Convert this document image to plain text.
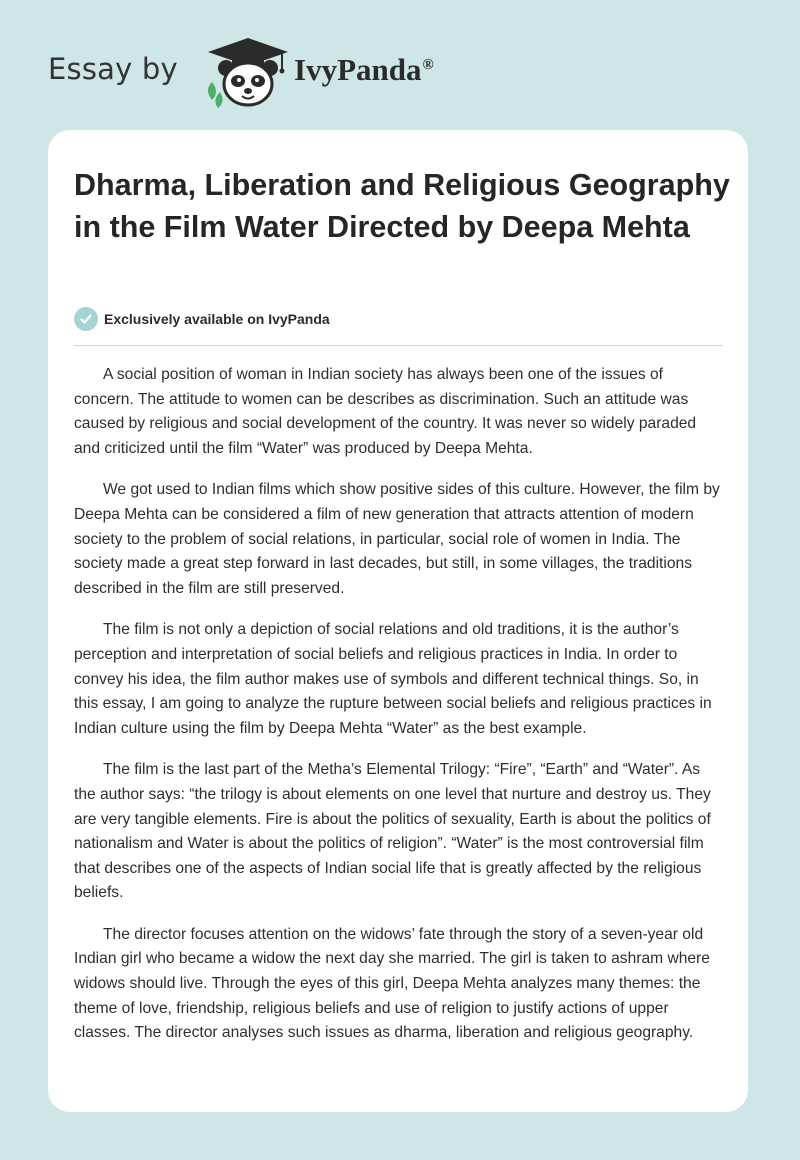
Essay by	IvyPanda®
Dharma, Liberation and Religious Geography in the Film Water Directed by Deepa Mehta
Exclusively available on IvyPanda

A social position of woman in Indian society has always been one of the issues of concern. The attitude to women can be describes as discrimination. Such an attitude was caused by religious and social development of the country. It was never so widely paraded and criticized until the film “Water” was produced by Deepa Mehta.

We got used to Indian films which show positive sides of this culture. However, the film by Deepa Mehta can be considered a film of new generation that attracts attention of modern society to the problem of social relations, in particular, social role of women in India. The society made a great step forward in last decades, but still, in some villages, the traditions described in the film are still preserved.

The film is not only a depiction of social relations and old traditions, it is the author’s perception and interpretation of social beliefs and religious practices in India. In order to convey his idea, the film author makes use of symbols and different technical things. So, in this essay, I am going to analyze the rupture between social beliefs and religious practices in Indian culture using the film by Deepa Mehta “Water” as the best example.

The film is the last part of the Metha’s Elemental Trilogy: “Fire”, “Earth” and “Water”. As the author says: “the trilogy is about elements on one level that nurture and destroy us. They are very tangible elements. Fire is about the politics of sexuality, Earth is about the politics of nationalism and Water is about the politics of religion”. “Water” is the most controversial film that describes one of the aspects of Indian social life that is greatly affected by the religious beliefs.

The director focuses attention on the widows’ fate through the story of a seven-year old Indian girl who became a widow the next day she married. The girl is taken to ashram where widows should live. Through the eyes of this girl, Deepa Mehta analyzes many themes: the theme of love, friendship, religious beliefs and use of religion to justify actions of upper classes. The director analyses such issues as dharma, liberation and religious geography.
